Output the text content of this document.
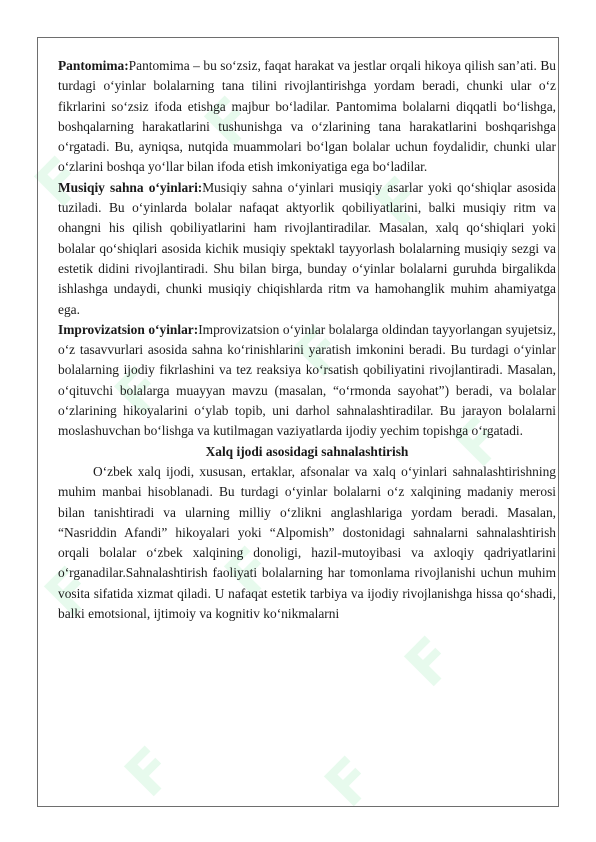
F
F
F
F
F
F
F F
F
F F

Pantomima:Pantomima – bu so‘zsiz, faqat harakat va jestlar orqali hikoya qilish san’ati. Bu turdagi o‘yinlar bolalarning tana tilini rivojlantirishga yordam beradi, chunki ular o‘z fikrlarini so‘zsiz ifoda etishga majbur bo‘ladilar. Pantomima bolalarni diqqatli bo‘lishga, boshqalarning harakatlarini tushunishga va o‘zlarining tana harakatlarini boshqarishga o‘rgatadi. Bu, ayniqsa, nutqida muammolari bo‘lgan bolalar uchun foydalidir, chunki ular o‘zlarini boshqa yo‘llar bilan ifoda etish imkoniyatiga ega bo‘ladilar.

Musiqiy sahna o‘yinlari:Musiqiy sahna o‘yinlari musiqiy asarlar yoki qo‘shiqlar asosida tuziladi. Bu o‘yinlarda bolalar nafaqat aktyorlik qobiliyatlarini, balki musiqiy ritm va ohangni his qilish qobiliyatlarini ham rivojlantiradilar. Masalan, xalq qo‘shiqlari yoki bolalar qo‘shiqlari asosida kichik musiqiy spektakl tayyorlash bolalarning musiqiy sezgi va estetik didini rivojlantiradi. Shu bilan birga, bunday o‘yinlar bolalarni guruhda birgalikda ishlashga undaydi, chunki musiqiy chiqishlarda ritm va hamohanglik muhim ahamiyatga ega.

Improvizatsion o‘yinlar:Improvizatsion o‘yinlar bolalarga oldindan tayyorlangan syujetsiz, o‘z tasavvurlari asosida sahna ko‘rinishlarini yaratish imkonini beradi. Bu turdagi o‘yinlar bolalarning ijodiy fikrlashini va tez reaksiya ko‘rsatish qobiliyatini rivojlantiradi. Masalan, o‘qituvchi bolalarga muayyan mavzu (masalan, “o‘rmonda sayohat”) beradi, va bolalar o‘zlarining hikoyalarini o‘ylab topib, uni darhol sahnalashtiradilar. Bu jarayon bolalarni moslashuvchan bo‘lishga va kutilmagan vaziyatlarda ijodiy yechim topishga o‘rgatadi.

Xalq ijodi asosidagi sahnalashtirish

O‘zbek xalq ijodi, xususan, ertaklar, afsonalar va xalq o‘yinlari sahnalashtirishning muhim manbai hisoblanadi. Bu turdagi o‘yinlar bolalarni o‘z xalqining madaniy merosi bilan tanishtiradi va ularning milliy o‘zlikni anglashlariga yordam beradi. Masalan, “Nasriddin Afandi” hikoyalari yoki “Alpomish” dostonidagi sahnalarni sahnalashtirish orqali bolalar o‘zbek xalqining donoligi, hazil-mutoyibasi va axloqiy qadriyatlarini o‘rganadilar.Sahnalashtirish faoliyati bolalarning har tomonlama rivojlanishi uchun muhim vosita sifatida xizmat qiladi. U nafaqat estetik tarbiya va ijodiy rivojlanishga hissa qo‘shadi, balki emotsional, ijtimoiy va kognitiv ko‘nikmalarni
